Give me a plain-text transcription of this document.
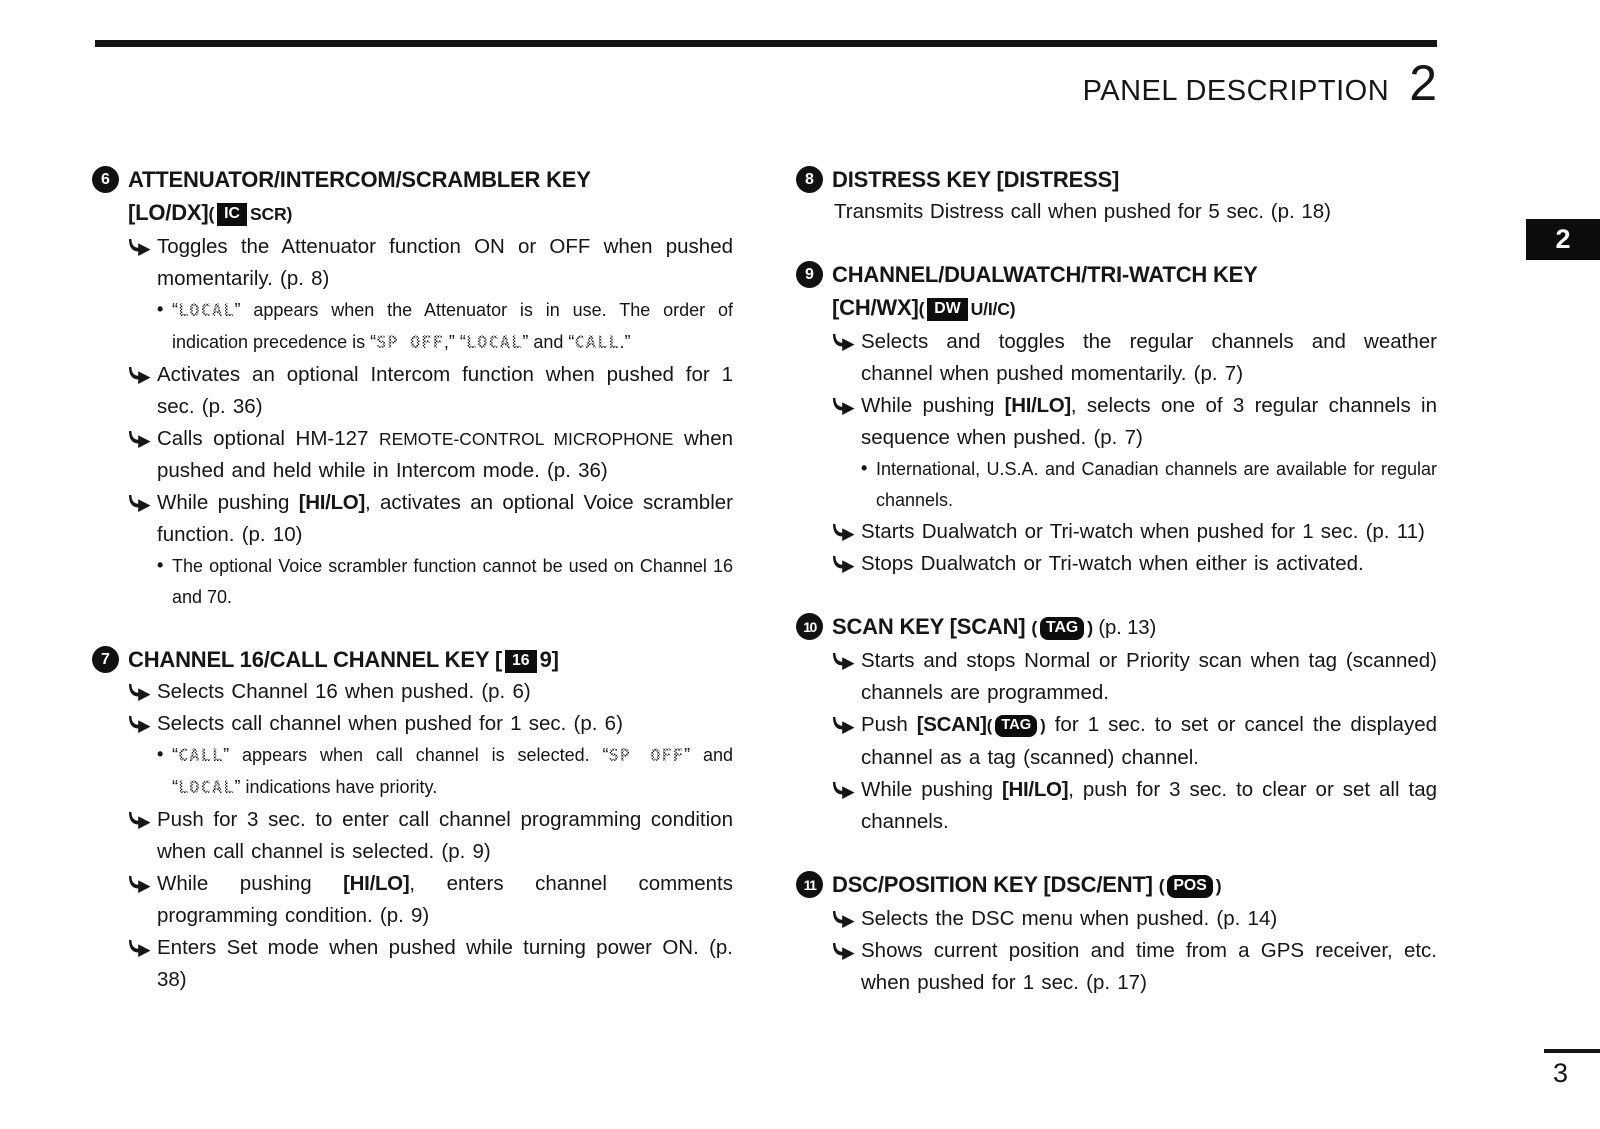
PANEL DESCRIPTION 2
2
6 ATTENUATOR/INTERCOM/SCRAMBLER KEY
[LO/DX]( IC SCR)
Toggles the Attenuator function ON or OFF when pushed momentarily. (p. 8)
• “LOCAL” appears when the Attenuator is in use. The order of indication precedence is “SP OFF,” “LOCAL” and “CALL.”
Activates an optional Intercom function when pushed for 1 sec. (p. 36)
Calls optional HM-127 REMOTE-CONTROL MICROPHONE when pushed and held while in Intercom mode. (p. 36)
While pushing [HI/LO], activates an optional Voice scrambler function. (p. 10)
• The optional Voice scrambler function cannot be used on Channel 16 and 70.
7 CHANNEL 16/CALL CHANNEL KEY [ 16 9]
Selects Channel 16 when pushed. (p. 6)
Selects call channel when pushed for 1 sec. (p. 6)
• “CALL” appears when call channel is selected. “SP OFF” and “LOCAL” indications have priority.
Push for 3 sec. to enter call channel programming condition when call channel is selected. (p. 9)
While pushing [HI/LO], enters channel comments programming condition. (p. 9)
Enters Set mode when pushed while turning power ON. (p. 38)
8 DISTRESS KEY [DISTRESS]
Transmits Distress call when pushed for 5 sec. (p. 18)
9 CHANNEL/DUALWATCH/TRI-WATCH KEY
[CH/WX]( DW U/I/C)
Selects and toggles the regular channels and weather channel when pushed momentarily. (p. 7)
While pushing [HI/LO], selects one of 3 regular channels in sequence when pushed. (p. 7)
• International, U.S.A. and Canadian channels are available for regular channels.
Starts Dualwatch or Tri-watch when pushed for 1 sec. (p. 11)
Stops Dualwatch or Tri-watch when either is activated.
10 SCAN KEY [SCAN] ( TAG ) (p. 13)
Starts and stops Normal or Priority scan when tag (scanned) channels are programmed.
Push [SCAN]( TAG ) for 1 sec. to set or cancel the displayed channel as a tag (scanned) channel.
While pushing [HI/LO], push for 3 sec. to clear or set all tag channels.
11 DSC/POSITION KEY [DSC/ENT] ( POS )
Selects the DSC menu when pushed. (p. 14)
Shows current position and time from a GPS receiver, etc. when pushed for 1 sec. (p. 17)
3
